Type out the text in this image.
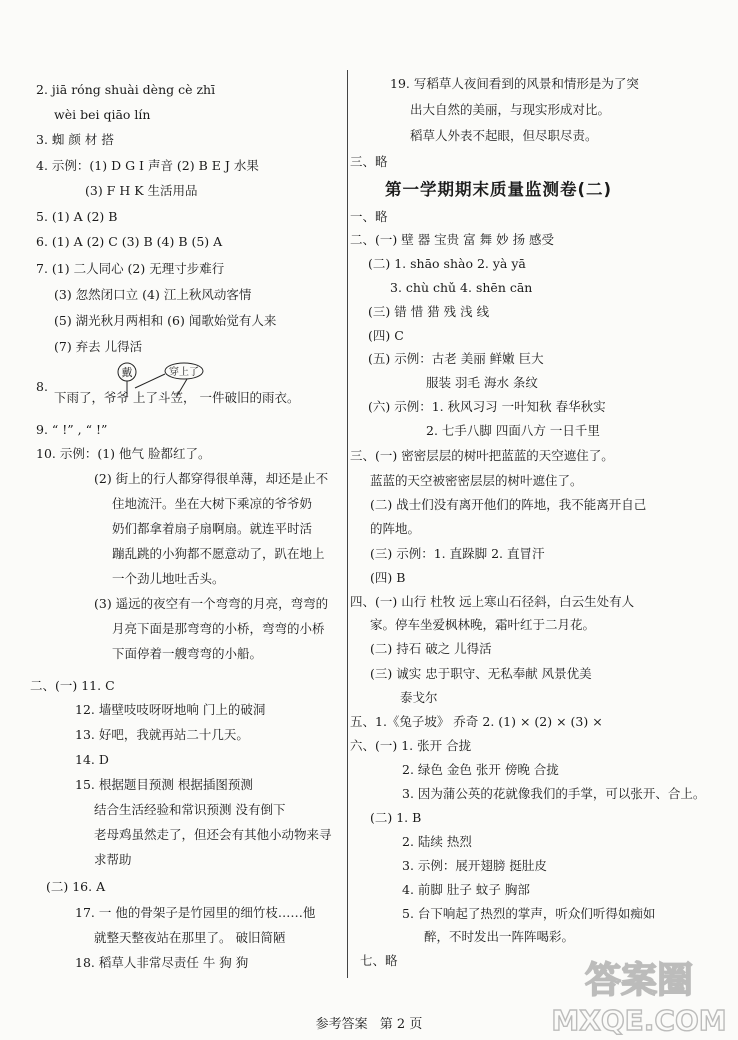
2. jiā róng shuài dèng cè zhī
wèi bei qiāo lín
3. 蜘 颜 材 搭
4. 示例：(1) D G I 声音 (2) B E J 水果
(3) F H K 生活用品
5. (1) A (2) B
6. (1) A (2) C (3) B (4) B (5) A
7. (1) 二人同心 (2) 无理寸步难行
(3) 忽然闭口立 (4) 江上秋风动客情
(5) 湖光秋月两相和 (6) 闻歌始觉有人来
(7) 弃去 儿得活
8.
下雨了，爷爷 上了斗笠， 一件破旧的雨衣。
戴	穿上了
9. “ !” , “ !”
10. 示例：(1) 他气 脸都红了。
(2) 街上的行人都穿得很单薄，却还是止不
住地流汗。坐在大树下乘凉的爷爷奶
奶们都拿着扇子扇啊扇。就连平时活
蹦乱跳的小狗都不愿意动了，趴在地上
一个劲儿地吐舌头。
(3) 遥远的夜空有一个弯弯的月亮，弯弯的
月亮下面是那弯弯的小桥，弯弯的小桥
下面停着一艘弯弯的小船。
二、(一) 11. C
12. 墙壁吱吱呀呀地响 门上的破洞
13. 好吧，我就再站二十几天。
14. D
15. 根据题目预测 根据插图预测
结合生活经验和常识预测 没有倒下
老母鸡虽然走了，但还会有其他小动物来寻
求帮助
(二) 16. A
17. 一 他的骨架子是竹园里的细竹枝……他
就整天整夜站在那里了。 破旧简陋
18. 稻草人非常尽责任 牛 狗 狗
19. 写稻草人夜间看到的风景和情形是为了突
出大自然的美丽，与现实形成对比。
稻草人外表不起眼，但尽职尽责。
三、略
第一学期期末质量监测卷(二)
一、略
二、(一) 壁 器 宝贵 富 舞 妙 扬 感受
(二) 1. shāo shào 2. yà yā
3. chù chǔ 4. shēn cān
(三) 错 惜 猎 残 浅 线
(四) C
(五) 示例：古老 美丽 鲜嫩 巨大
服装 羽毛 海水 条纹
(六) 示例：1. 秋风习习 一叶知秋 春华秋实
2. 七手八脚 四面八方 一日千里
三、(一) 密密层层的树叶把蓝蓝的天空遮住了。
蓝蓝的天空被密密层层的树叶遮住了。
(二) 战士们没有离开他们的阵地，我不能离开自己
的阵地。
(三) 示例：1. 直跺脚 2. 直冒汗
(四) B
四、(一) 山行 杜牧 远上寒山石径斜，白云生处有人
家。停车坐爱枫林晚，霜叶红于二月花。
(二) 持石 破之 儿得活
(三) 诚实 忠于职守、无私奉献 风景优美
泰戈尔
五、1.《兔子坡》 乔奇 2. (1) × (2) × (3) ×
六、(一) 1. 张开 合拢
2. 绿色 金色 张开 傍晚 合拢
3. 因为蒲公英的花就像我们的手掌，可以张开、合上。
(二) 1. B
2. 陆续 热烈
3. 示例：展开翅膀 挺肚皮
4. 前脚 肚子 蚊子 胸部
5. 台下响起了热烈的掌声，听众们听得如痴如
醉，不时发出一阵阵喝彩。
七、略
参考答案 第 2 页
答案圈
MXQE.COM
